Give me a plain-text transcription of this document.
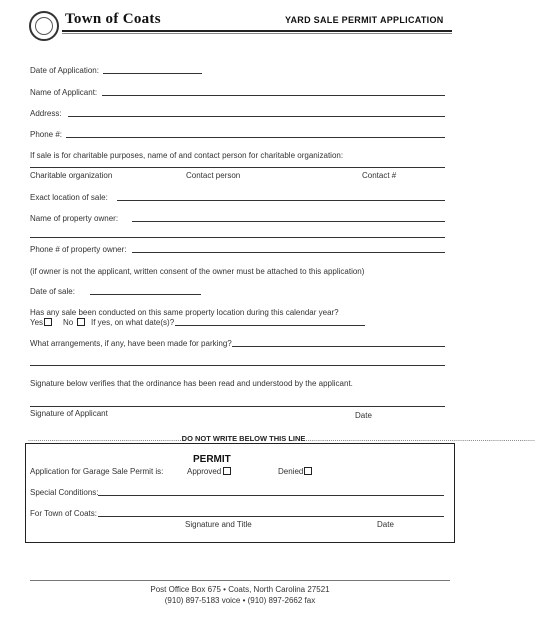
Town of Coats	YARD SALE PERMIT APPLICATION
Date of Application:
Name of Applicant:
Address:
Phone #:
If sale is for charitable purposes, name of and contact person for charitable organization:
Charitable organization	Contact person	Contact #
Exact location of sale:
Name of property owner:
Phone # of property owner:
(if owner is not the applicant, written consent of the owner must be attached to this application)
Date of sale:
Has any sale been conducted on this same property location during this calendar year?
Yes No If yes, on what date(s)?
What arrangements, if any, have been made for parking?
Signature below verifies that the ordinance has been read and understood by the applicant.
Signature of Applicant	Date
...............................................................................DO NOT WRITE BELOW THIS LINE......................................................................................................................
PERMIT
Application for Garage Sale Permit is:	Approved	Denied
Special Conditions:
For Town of Coats:
Signature and Title	Date
Post Office Box 675 • Coats, North Carolina 27521
(910) 897-5183 voice • (910) 897-2662 fax
